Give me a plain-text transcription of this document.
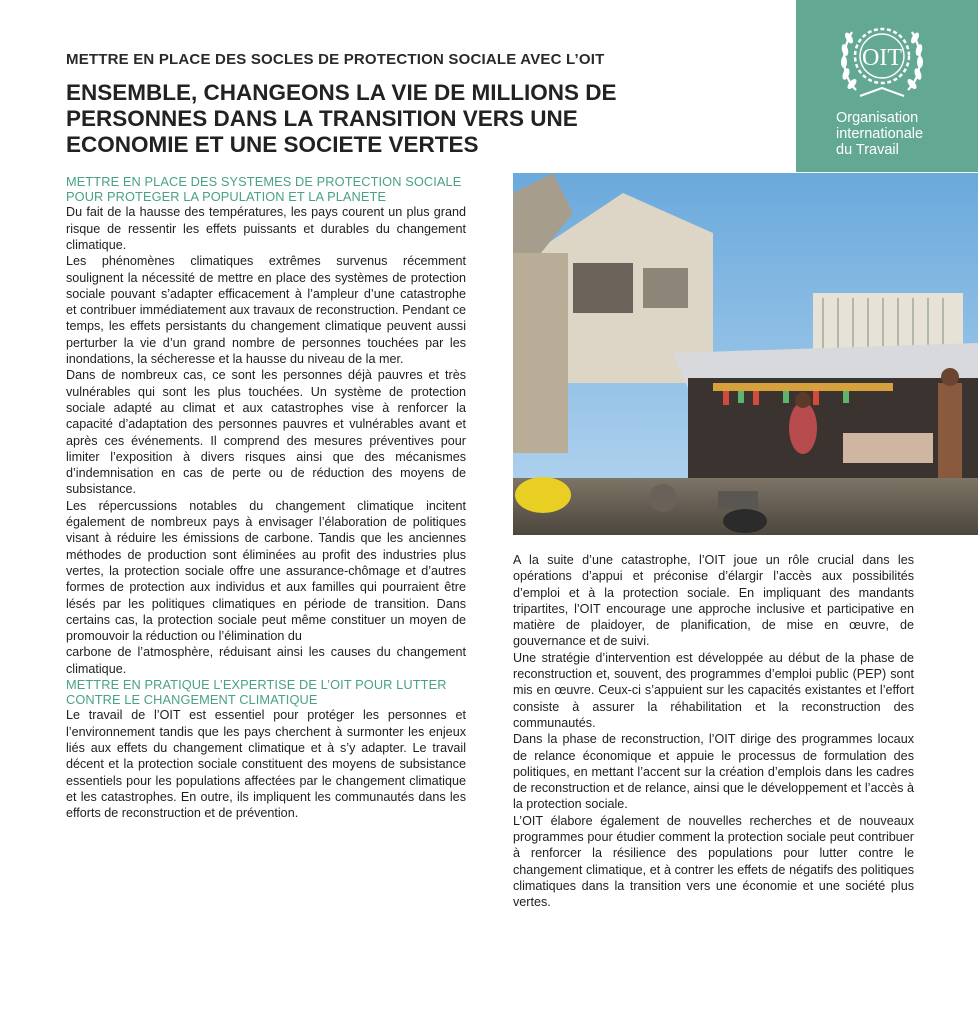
OIT
Organisation
internationale
du Travail
METTRE EN PLACE DES SOCLES DE PROTECTION SOCIALE AVEC L’OIT
ENSEMBLE, CHANGEONS LA VIE DE MILLIONS DE
PERSONNES DANS LA TRANSITION VERS UNE
ECONOMIE ET UNE SOCIETE VERTES
METTRE EN PLACE DES SYSTEMES DE PROTECTION SOCIALE POUR PROTEGER LA POPULATION ET LA PLANETE

Du fait de la hausse des températures, les pays courent un plus grand risque de ressentir les effets puissants et durables du changement climatique.

Les phénomènes climatiques extrêmes survenus récemment soulignent la nécessité de mettre en place des systèmes de protection sociale pouvant s’adapter efficacement à l’ampleur d’une catastrophe et contribuer immédiatement aux travaux de reconstruction. Pendant ce temps, les effets persistants du changement climatique peuvent aussi perturber la vie d’un grand nombre de personnes touchées par les inondations, la sécheresse et la hausse du niveau de la mer.

Dans de nombreux cas, ce sont les personnes déjà pauvres et très vulnérables qui sont les plus touchées. Un système de protection sociale adapté au climat et aux catastrophes vise à renforcer la capacité d’adaptation des personnes pauvres et vulnérables avant et après ces événements. Il comprend des mesures préventives pour limiter l’exposition à divers risques ainsi que des mécanismes d’indemnisation en cas de perte ou de réduction des moyens de subsistance.

Les répercussions notables du changement climatique incitent également de nombreux pays à envisager l’élaboration de politiques visant à réduire les émissions de carbone. Tandis que les anciennes méthodes de production sont éliminées au profit des industries plus vertes, la protection sociale offre une assurance-chômage et d’autres formes de protection aux individus et aux familles qui pourraient être lésés par les politiques climatiques en période de transition. Dans certains cas, la protection sociale peut même constituer un moyen de promouvoir la réduction ou l’élimination du

carbone de l’atmosphère, réduisant ainsi les causes du changement climatique.

METTRE EN PRATIQUE L’EXPERTISE DE L’OIT POUR LUTTER CONTRE LE CHANGEMENT CLIMATIQUE

Le travail de l’OIT est essentiel pour protéger les personnes et l’environnement tandis que les pays cherchent à surmonter les enjeux liés aux effets du changement climatique et à s’y adapter. Le travail décent et la protection sociale constituent des moyens de subsistance essentiels pour les populations affectées par le changement climatique et les catastrophes. En outre, ils impliquent les communautés dans les efforts de reconstruction et de prévention.

A la suite d’une catastrophe, l’OIT joue un rôle crucial dans les opérations d’appui et préconise d’élargir l’accès aux possibilités d’emploi et à la protection sociale. En impliquant des mandants tripartites, l’OIT encourage une approche inclusive et participative en matière de plaidoyer, de planification, de mise en œuvre, de gouvernance et de suivi.

Une stratégie d’intervention est développée au début de la phase de reconstruction et, souvent, des programmes d’emploi public (PEP) sont mis en œuvre. Ceux-ci s’appuient sur les capacités existantes et l’effort consiste à assurer la réhabilitation et la reconstruction des communautés.

Dans la phase de reconstruction, l’OIT dirige des programmes locaux de relance économique et appuie le processus de formulation des politiques, en mettant l’accent sur la création d’emplois dans les cadres de reconstruction et de relance, ainsi que le développement et l’accès à la protection sociale.

L’OIT élabore également de nouvelles recherches et de nouveaux programmes pour étudier comment la protection sociale peut contribuer à renforcer la résilience des populations pour lutter contre le changement climatique, et à contrer les effets de négatifs des politiques climatiques dans la transition vers une économie et une société plus vertes.
